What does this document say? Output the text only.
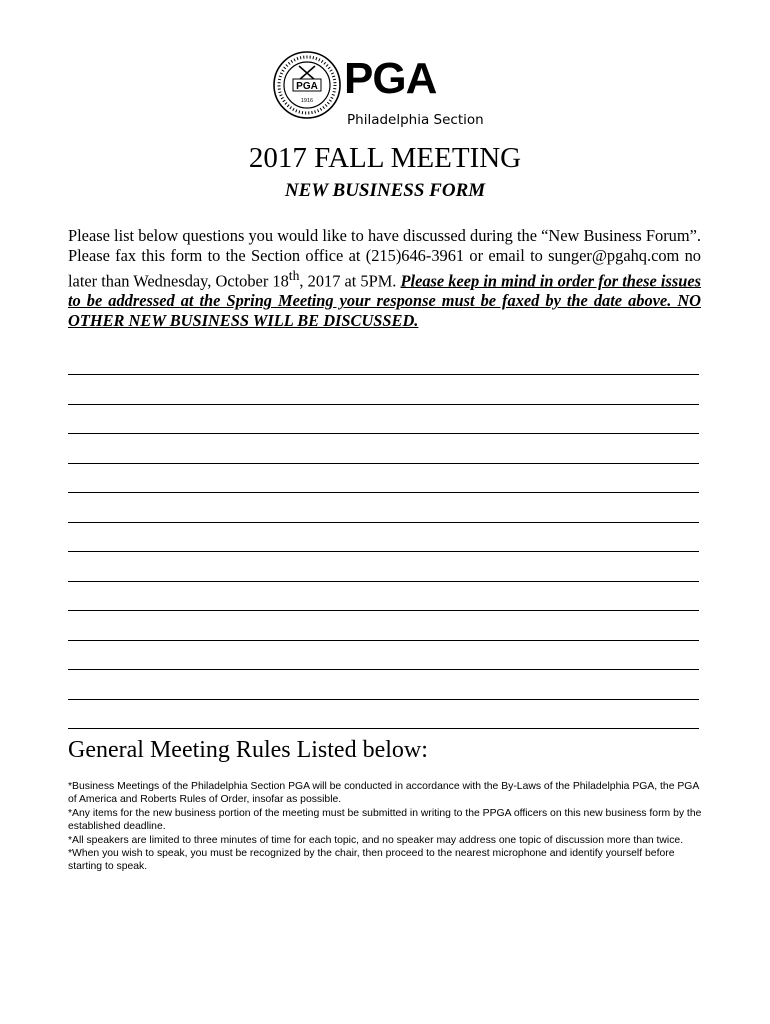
PGA
1916 PGA
Philadelphia Section
2017 FALL MEETING
NEW BUSINESS FORM
Please list below questions you would like to have discussed during the “New Business Forum”. Please fax this form to the Section office at (215)646-3961 or email to sunger@pgahq.com no later than Wednesday, October 18th, 2017 at 5PM. Please keep in mind in order for these issues to be addressed at the Spring Meeting your response must be faxed by the date above. NO OTHER NEW BUSINESS WILL BE DISCUSSED.
General Meeting Rules Listed below:

*Business Meetings of the Philadelphia Section PGA will be conducted in accordance with the By-Laws of the Philadelphia PGA, the PGA of America and Roberts Rules of Order, insofar as possible.

*Any items for the new business portion of the meeting must be submitted in writing to the PPGA officers on this new business form by the established deadline.

*All speakers are limited to three minutes of time for each topic, and no speaker may address one topic of discussion more than twice.

*When you wish to speak, you must be recognized by the chair, then proceed to the nearest microphone and identify yourself before starting to speak.
